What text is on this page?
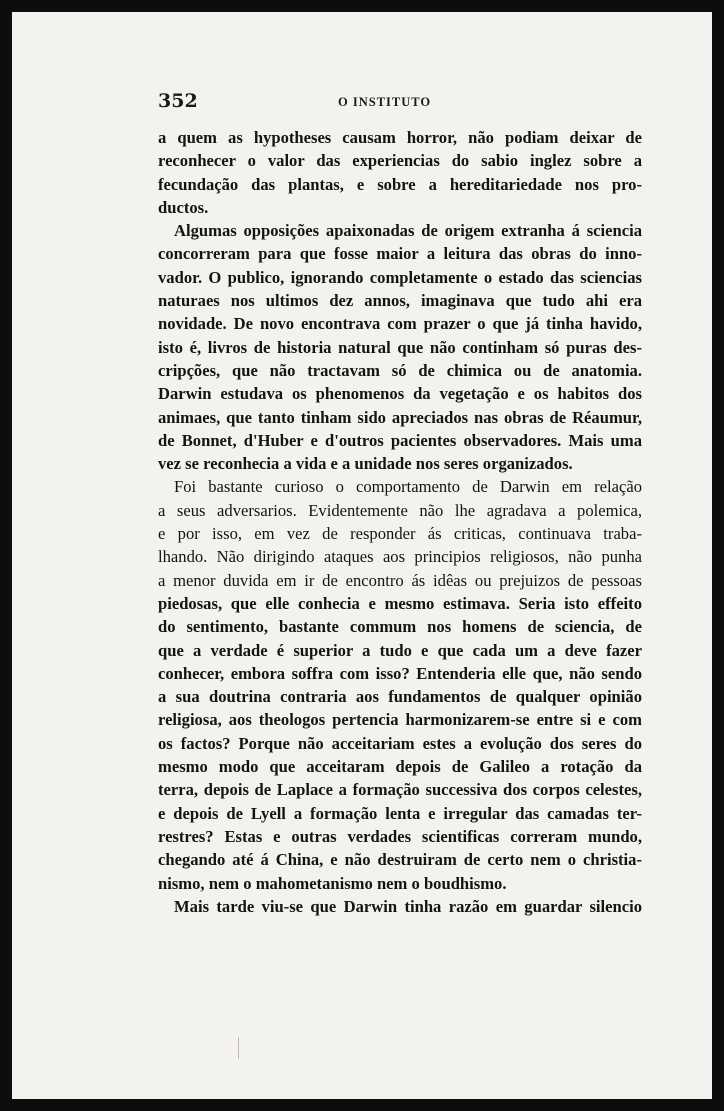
352	O INSTITUTO
a quem as hypotheses causam horror, não podiam deixar de
reconhecer o valor das experiencias do sabio inglez sobre a
fecundação das plantas, e sobre a hereditariedade nos pro-
ductos.
Algumas opposições apaixonadas de origem extranha á sciencia
concorreram para que fosse maior a leitura das obras do inno-
vador. O publico, ignorando completamente o estado das sciencias
naturaes nos ultimos dez annos, imaginava que tudo ahi era
novidade. De novo encontrava com prazer o que já tinha havido,
isto é, livros de historia natural que não continham só puras des-
cripções, que não tractavam só de chimica ou de anatomia.
Darwin estudava os phenomenos da vegetação e os habitos dos
animaes, que tanto tinham sido apreciados nas obras de Réaumur,
de Bonnet, d'Huber e d'outros pacientes observadores. Mais uma
vez se reconhecia a vida e a unidade nos seres organizados.
Foi bastante curioso o comportamento de Darwin em relação
a seus adversarios. Evidentemente não lhe agradava a polemica,
e por isso, em vez de responder ás criticas, continuava traba-
lhando. Não dirigindo ataques aos principios religiosos, não punha
a menor duvida em ir de encontro ás idêas ou prejuizos de pessoas
piedosas, que elle conhecia e mesmo estimava. Seria isto effeito
do sentimento, bastante commum nos homens de sciencia, de
que a verdade é superior a tudo e que cada um a deve fazer
conhecer, embora soffra com isso? Entenderia elle que, não sendo
a sua doutrina contraria aos fundamentos de qualquer opinião
religiosa, aos theologos pertencia harmonizarem-se entre si e com
os factos? Porque não acceitariam estes a evolução dos seres do
mesmo modo que acceitaram depois de Galileo a rotação da
terra, depois de Laplace a formação successiva dos corpos celestes,
e depois de Lyell a formação lenta e irregular das camadas ter-
restres? Estas e outras verdades scientificas correram mundo,
chegando até á China, e não destruiram de certo nem o christia-
nismo, nem o mahometanismo nem o boudhismo.
Mais tarde viu-se que Darwin tinha razão em guardar silencio
